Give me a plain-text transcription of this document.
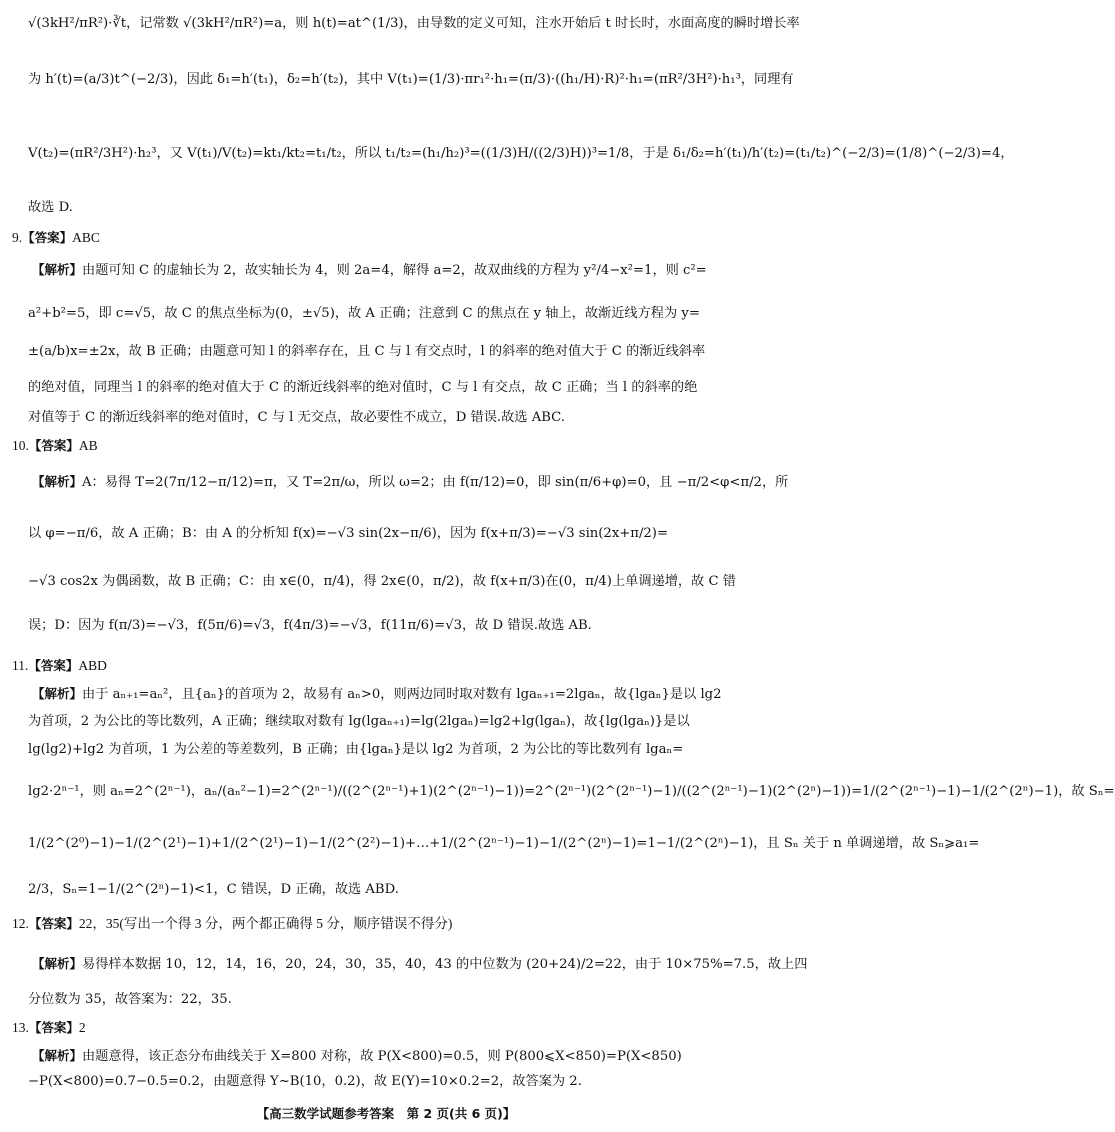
√(3kH²/πR²)·∛t，记常数 √(3kH²/πR²)=a，则 h(t)=at^(1/3)，由导数的定义可知，注水开始后 t 时长时，水面高度的瞬时增长率
为 h′(t)=(a/3)t^(−2/3)，因此 δ₁=h′(t₁)，δ₂=h′(t₂)，其中 V(t₁)=(1/3)·πr₁²·h₁=(π/3)·((h₁/H)·R)²·h₁=(πR²/3H²)·h₁³，同理有
V(t₂)=(πR²/3H²)·h₂³，又 V(t₁)/V(t₂)=kt₁/kt₂=t₁/t₂，所以 t₁/t₂=(h₁/h₂)³=((1/3)H/((2/3)H))³=1/8，于是 δ₁/δ₂=h′(t₁)/h′(t₂)=(t₁/t₂)^(−2/3)=(1/8)^(−2/3)=4，
故选 D.
9.【答案】ABC
【解析】由题可知 C 的虚轴长为 2，故实轴长为 4，则 2a=4，解得 a=2，故双曲线的方程为 y²/4−x²=1，则 c²=
a²+b²=5，即 c=√5，故 C 的焦点坐标为(0，±√5)，故 A 正确；注意到 C 的焦点在 y 轴上，故渐近线方程为 y=
±(a/b)x=±2x，故 B 正确；由题意可知 l 的斜率存在，且 C 与 l 有交点时，l 的斜率的绝对值大于 C 的渐近线斜率
的绝对值，同理当 l 的斜率的绝对值大于 C 的渐近线斜率的绝对值时，C 与 l 有交点，故 C 正确；当 l 的斜率的绝
对值等于 C 的渐近线斜率的绝对值时，C 与 l 无交点，故必要性不成立，D 错误.故选 ABC.
10.【答案】AB
【解析】A：易得 T=2(7π/12−π/12)=π，又 T=2π/ω，所以 ω=2；由 f(π/12)=0，即 sin(π/6+φ)=0，且 −π/2<φ<π/2，所
以 φ=−π/6，故 A 正确；B：由 A 的分析知 f(x)=−√3 sin(2x−π/6)，因为 f(x+π/3)=−√3 sin(2x+π/2)=
−√3 cos2x 为偶函数，故 B 正确；C：由 x∈(0，π/4)，得 2x∈(0，π/2)，故 f(x+π/3)在(0，π/4)上单调递增，故 C 错
误；D：因为 f(π/3)=−√3，f(5π/6)=√3，f(4π/3)=−√3，f(11π/6)=√3，故 D 错误.故选 AB.
11.【答案】ABD
【解析】由于 aₙ₊₁=aₙ²，且{aₙ}的首项为 2，故易有 aₙ>0，则两边同时取对数有 lgaₙ₊₁=2lgaₙ，故{lgaₙ}是以 lg2
为首项，2 为公比的等比数列，A 正确；继续取对数有 lg(lgaₙ₊₁)=lg(2lgaₙ)=lg2+lg(lgaₙ)，故{lg(lgaₙ)}是以
lg(lg2)+lg2 为首项，1 为公差的等差数列，B 正确；由{lgaₙ}是以 lg2 为首项，2 为公比的等比数列有 lgaₙ=
lg2·2ⁿ⁻¹，则 aₙ=2^(2ⁿ⁻¹)，aₙ/(aₙ²−1)=2^(2ⁿ⁻¹)/((2^(2ⁿ⁻¹)+1)(2^(2ⁿ⁻¹)−1))=2^(2ⁿ⁻¹)(2^(2ⁿ⁻¹)−1)/((2^(2ⁿ⁻¹)−1)(2^(2ⁿ)−1))=1/(2^(2ⁿ⁻¹)−1)−1/(2^(2ⁿ)−1)，故 Sₙ=
1/(2^(2⁰)−1)−1/(2^(2¹)−1)+1/(2^(2¹)−1)−1/(2^(2²)−1)+…+1/(2^(2ⁿ⁻¹)−1)−1/(2^(2ⁿ)−1)=1−1/(2^(2ⁿ)−1)，且 Sₙ 关于 n 单调递增，故 Sₙ⩾a₁=
2/3，Sₙ=1−1/(2^(2ⁿ)−1)<1，C 错误，D 正确，故选 ABD.
12.【答案】22，35(写出一个得 3 分，两个都正确得 5 分，顺序错误不得分)
【解析】易得样本数据 10，12，14，16，20，24，30，35，40，43 的中位数为 (20+24)/2=22，由于 10×75%=7.5，故上四
分位数为 35，故答案为：22，35.
13.【答案】2
【解析】由题意得，该正态分布曲线关于 X=800 对称，故 P(X<800)=0.5，则 P(800⩽X<850)=P(X<850)
−P(X<800)=0.7−0.5=0.2，由题意得 Y~B(10，0.2)，故 E(Y)=10×0.2=2，故答案为 2.
【高三数学试题参考答案　第 2 页(共 6 页)】
